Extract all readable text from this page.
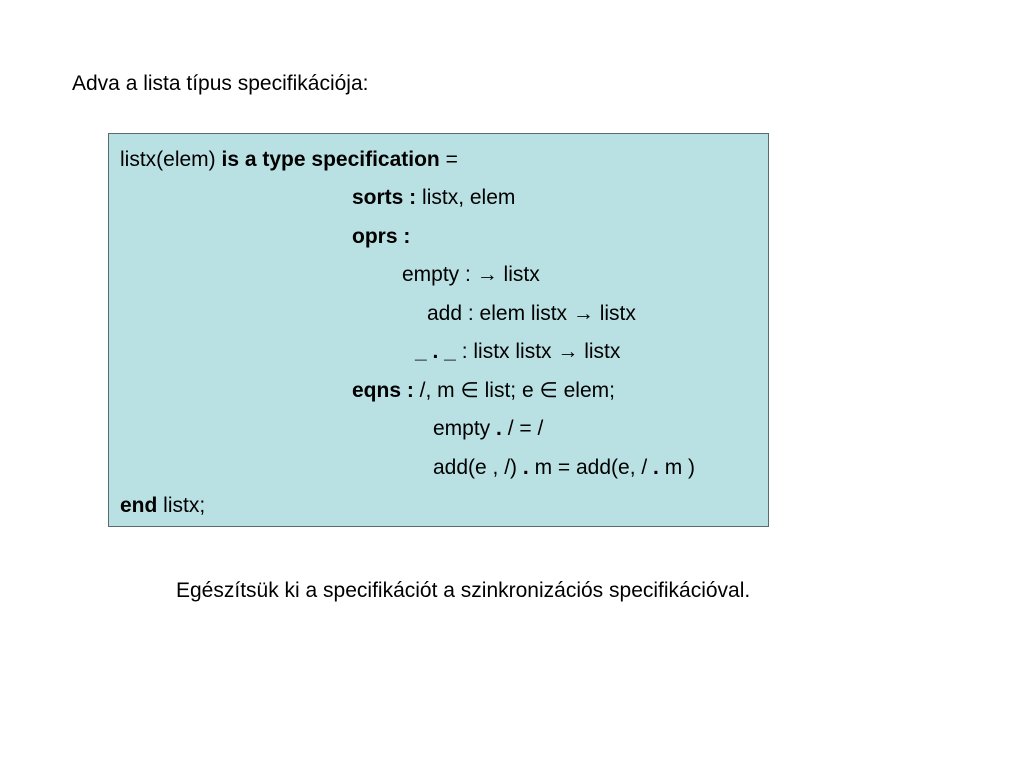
Adva a lista típus specifikációja:
listx(elem) is a type specification =
sorts : listx, elem
oprs :
empty : → listx
add : elem listx → listx
_ . _ : listx listx → listx
eqns : /, m ∈ list; e ∈ elem;
empty . / = /
add(e , /) . m = add(e, / . m )
end listx;
Egészítsük ki a specifikációt a szinkronizációs specifikációval.
